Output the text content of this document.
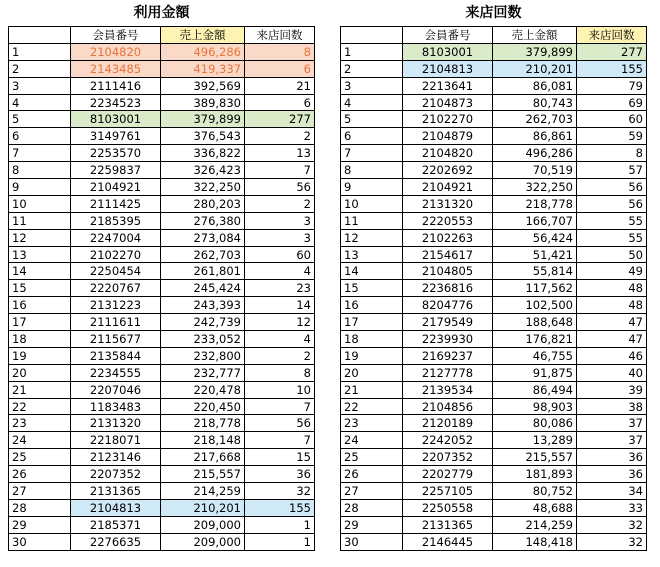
利用金額
	会員番号	売上金額	来店回数
1	2104820	496,286	8
2	2143485	419,337	6
3	2111416	392,569	21
4	2234523	389,830	6
5	8103001	379,899	277
6	3149761	376,543	2
7	2253570	336,822	13
8	2259837	326,423	7
9	2104921	322,250	56
10	2111425	280,203	2
11	2185395	276,380	3
12	2247004	273,084	3
13	2102270	262,703	60
14	2250454	261,801	4
15	2220767	245,424	23
16	2131223	243,393	14
17	2111611	242,739	12
18	2115677	233,052	4
19	2135844	232,800	2
20	2234555	232,777	8
21	2207046	220,478	10
22	1183483	220,450	7
23	2131320	218,778	56
24	2218071	218,148	7
25	2123146	217,668	15
26	2207352	215,557	36
27	2131365	214,259	32
28	2104813	210,201	155
29	2185371	209,000	1
30	2276635	209,000	1
来店回数
	会員番号	売上金額	来店回数
1	8103001	379,899	277
2	2104813	210,201	155
3	2213641	86,081	79
4	2104873	80,743	69
5	2102270	262,703	60
6	2104879	86,861	59
7	2104820	496,286	8
8	2202692	70,519	57
9	2104921	322,250	56
10	2131320	218,778	56
11	2220553	166,707	55
12	2102263	56,424	55
13	2154617	51,421	50
14	2104805	55,814	49
15	2236816	117,562	48
16	8204776	102,500	48
17	2179549	188,648	47
18	2239930	176,821	47
19	2169237	46,755	46
20	2127778	91,875	40
21	2139534	86,494	39
22	2104856	98,903	38
23	2120189	80,086	37
24	2242052	13,289	37
25	2207352	215,557	36
26	2202779	181,893	36
27	2257105	80,752	34
28	2250558	48,688	33
29	2131365	214,259	32
30	2146445	148,418	32
